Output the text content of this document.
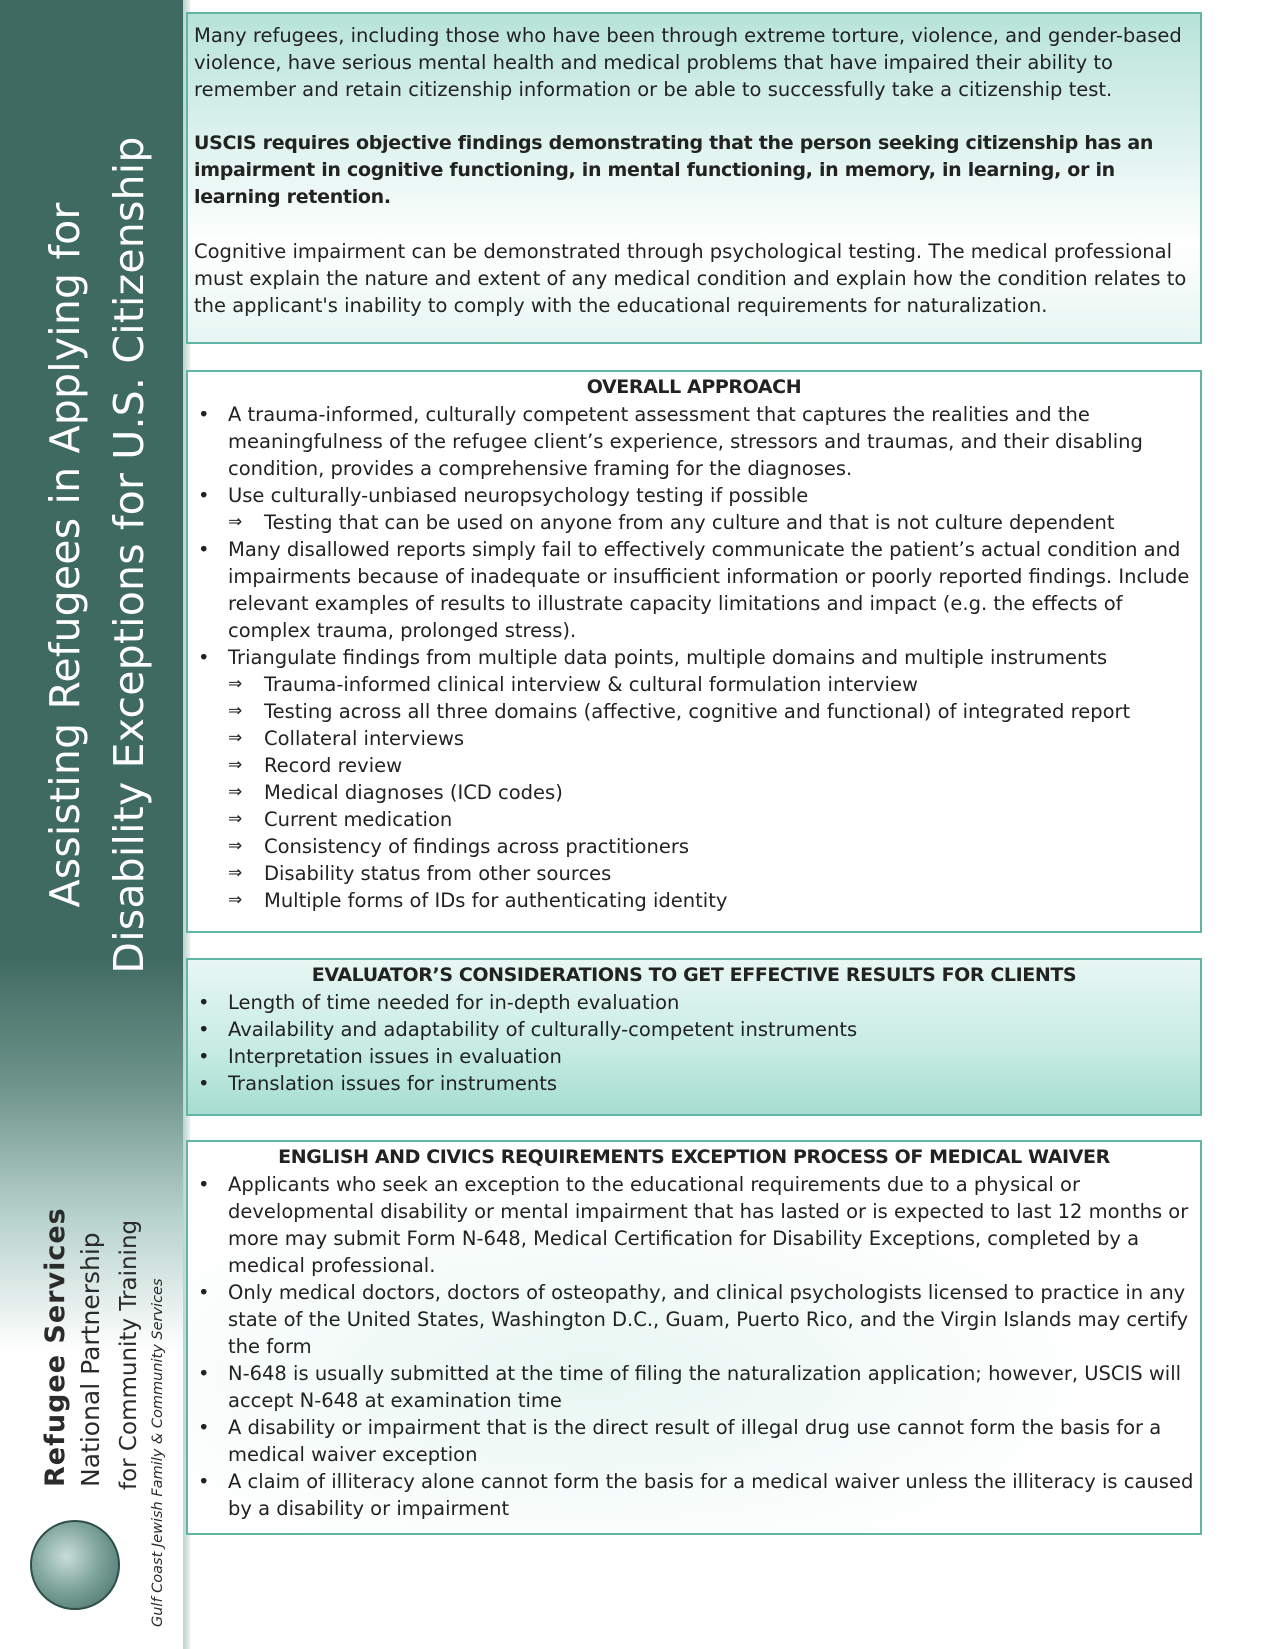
Assisting Refugees in Applying for Disability Exceptions for U.S. Citizenship
Refugee Services National Partnership for Community Training Gulf Coast Jewish Family & Community Services

Many refugees, including those who have been through extreme torture, violence, and gender-based violence, have serious mental health and medical problems that have impaired their ability to remember and retain citizenship information or be able to successfully take a citizenship test.

USCIS requires objective findings demonstrating that the person seeking citizenship has an impairment in cognitive functioning, in mental functioning, in memory, in learning, or in learning retention.

Cognitive impairment can be demonstrated through psychological testing. The medical professional must explain the nature and extent of any medical condition and explain how the condition relates to the applicant's inability to comply with the educational requirements for naturalization.

OVERALL APPROACH
• A trauma-informed, culturally competent assessment that captures the realities and the meaningfulness of the refugee client’s experience, stressors and traumas, and their disabling condition, provides a comprehensive framing for the diagnoses.
• Use culturally-unbiased neuropsychology testing if possible
⇒ Testing that can be used on anyone from any culture and that is not culture dependent
• Many disallowed reports simply fail to effectively communicate the patient’s actual condition and impairments because of inadequate or insufficient information or poorly reported findings. Include relevant examples of results to illustrate capacity limitations and impact (e.g. the effects of complex trauma, prolonged stress).
• Triangulate findings from multiple data points, multiple domains and multiple instruments
⇒ Trauma-informed clinical interview & cultural formulation interview
⇒ Testing across all three domains (affective, cognitive and functional) of integrated report
⇒ Collateral interviews
⇒ Record review
⇒ Medical diagnoses (ICD codes)
⇒ Current medication
⇒ Consistency of findings across practitioners
⇒ Disability status from other sources
⇒ Multiple forms of IDs for authenticating identity
EVALUATOR’S CONSIDERATIONS TO GET EFFECTIVE RESULTS FOR CLIENTS
• Length of time needed for in-depth evaluation
• Availability and adaptability of culturally-competent instruments
• Interpretation issues in evaluation
• Translation issues for instruments
ENGLISH AND CIVICS REQUIREMENTS EXCEPTION PROCESS OF MEDICAL WAIVER
• Applicants who seek an exception to the educational requirements due to a physical or developmental disability or mental impairment that has lasted or is expected to last 12 months or more may submit Form N-648, Medical Certification for Disability Exceptions, completed by a medical professional.
• Only medical doctors, doctors of osteopathy, and clinical psychologists licensed to practice in any state of the United States, Washington D.C., Guam, Puerto Rico, and the Virgin Islands may certify the form
• N-648 is usually submitted at the time of filing the naturalization application; however, USCIS will accept N-648 at examination time
• A disability or impairment that is the direct result of illegal drug use cannot form the basis for a medical waiver exception
• A claim of illiteracy alone cannot form the basis for a medical waiver unless the illiteracy is caused by a disability or impairment
